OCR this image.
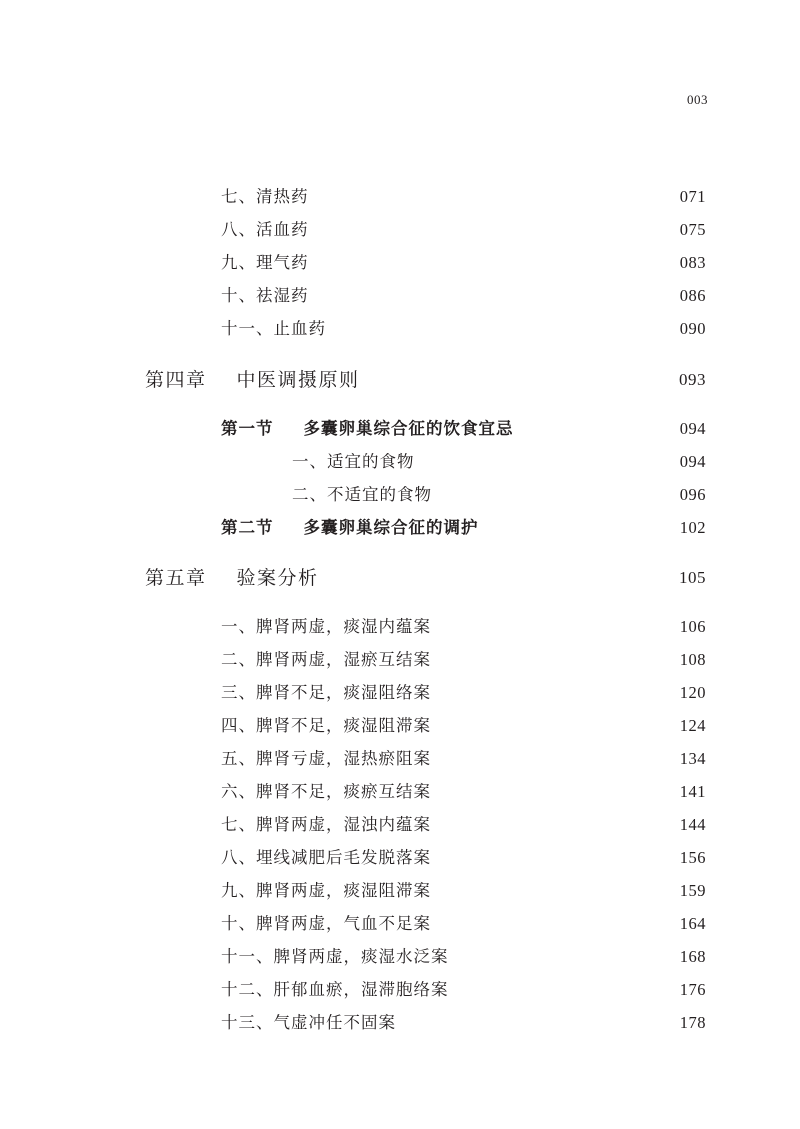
003
七、清热药	071
八、活血药	075
九、理气药	083
十、祛湿药	086
十一、止血药	090
第四章 中医调摄原则	093
第一节 多囊卵巢综合征的饮食宜忌	094
一、适宜的食物	094
二、不适宜的食物	096
第二节 多囊卵巢综合征的调护	102
第五章 验案分析	105
一、脾肾两虚，痰湿内蕴案	106
二、脾肾两虚，湿瘀互结案	108
三、脾肾不足，痰湿阻络案	120
四、脾肾不足，痰湿阻滞案	124
五、脾肾亏虚，湿热瘀阻案	134
六、脾肾不足，痰瘀互结案	141
七、脾肾两虚，湿浊内蕴案	144
八、埋线减肥后毛发脱落案	156
九、脾肾两虚，痰湿阻滞案	159
十、脾肾两虚，气血不足案	164
十一、脾肾两虚，痰湿水泛案	168
十二、肝郁血瘀，湿滞胞络案	176
十三、气虚冲任不固案	178
